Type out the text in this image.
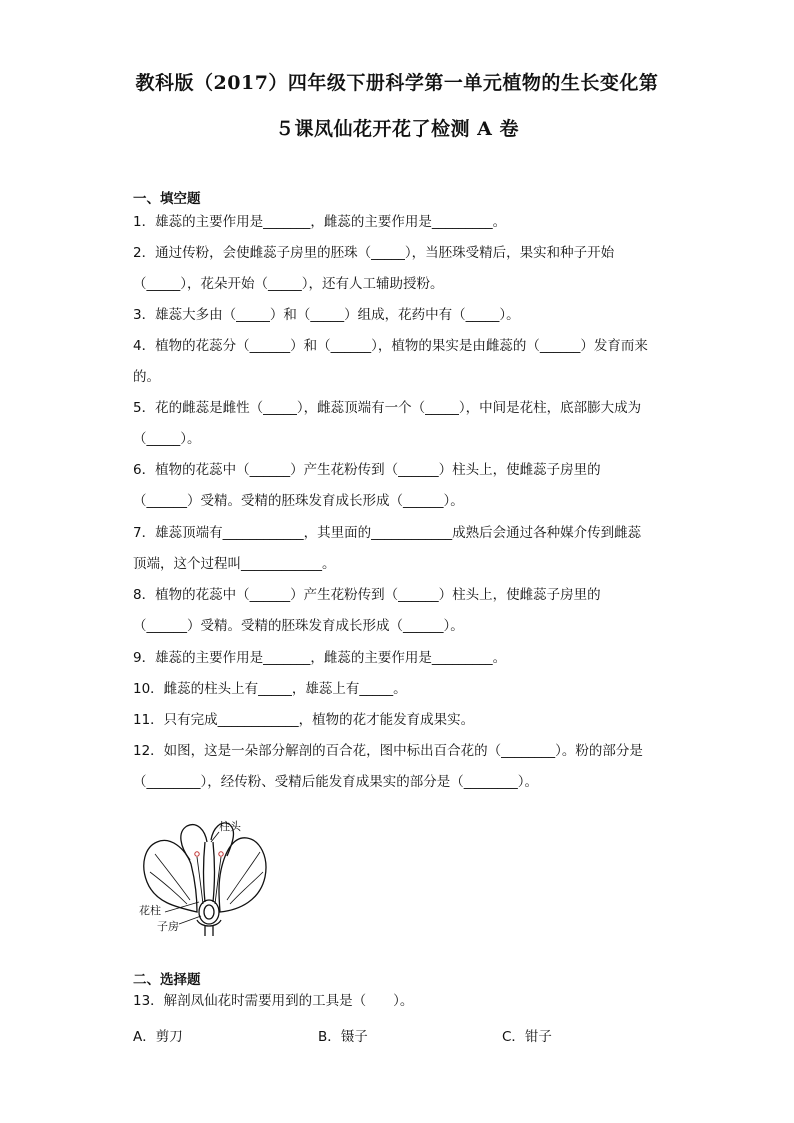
教科版（2017）四年级下册科学第一单元植物的生长变化第
５课凤仙花开花了检测 A 卷
一、填空题
1．雄蕊的主要作用是_______，雌蕊的主要作用是_________。
2．通过传粉，会使雌蕊子房里的胚珠（_____），当胚珠受精后，果实和种子开始
（_____），花朵开始（_____），还有人工辅助授粉。
3．雄蕊大多由（_____）和（_____）组成，花药中有（_____）。
4．植物的花蕊分（______）和（______），植物的果实是由雌蕊的（______）发育而来
的。
5．花的雌蕊是雌性（_____），雌蕊顶端有一个（_____），中间是花柱，底部膨大成为
（_____）。
6．植物的花蕊中（______）产生花粉传到（______）柱头上，使雌蕊子房里的
（______）受精。受精的胚珠发育成长形成（______）。
7．雄蕊顶端有____________，其里面的____________成熟后会通过各种媒介传到雌蕊
顶端，这个过程叫____________。
8．植物的花蕊中（______）产生花粉传到（______）柱头上，使雌蕊子房里的
（______）受精。受精的胚珠发育成长形成（______）。
9．雄蕊的主要作用是_______，雌蕊的主要作用是_________。
10．雌蕊的柱头上有_____，雄蕊上有_____。
11．只有完成____________，植物的花才能发育成果实。
12．如图，这是一朵部分解剖的百合花，图中标出百合花的（________）。粉的部分是
（________），经传粉、受精后能发育成果实的部分是（________）。
柱头
花柱
子房
二、选择题
13．解剖凤仙花时需要用到的工具是（　　）。
A．剪刀	B．镊子	C．钳子
